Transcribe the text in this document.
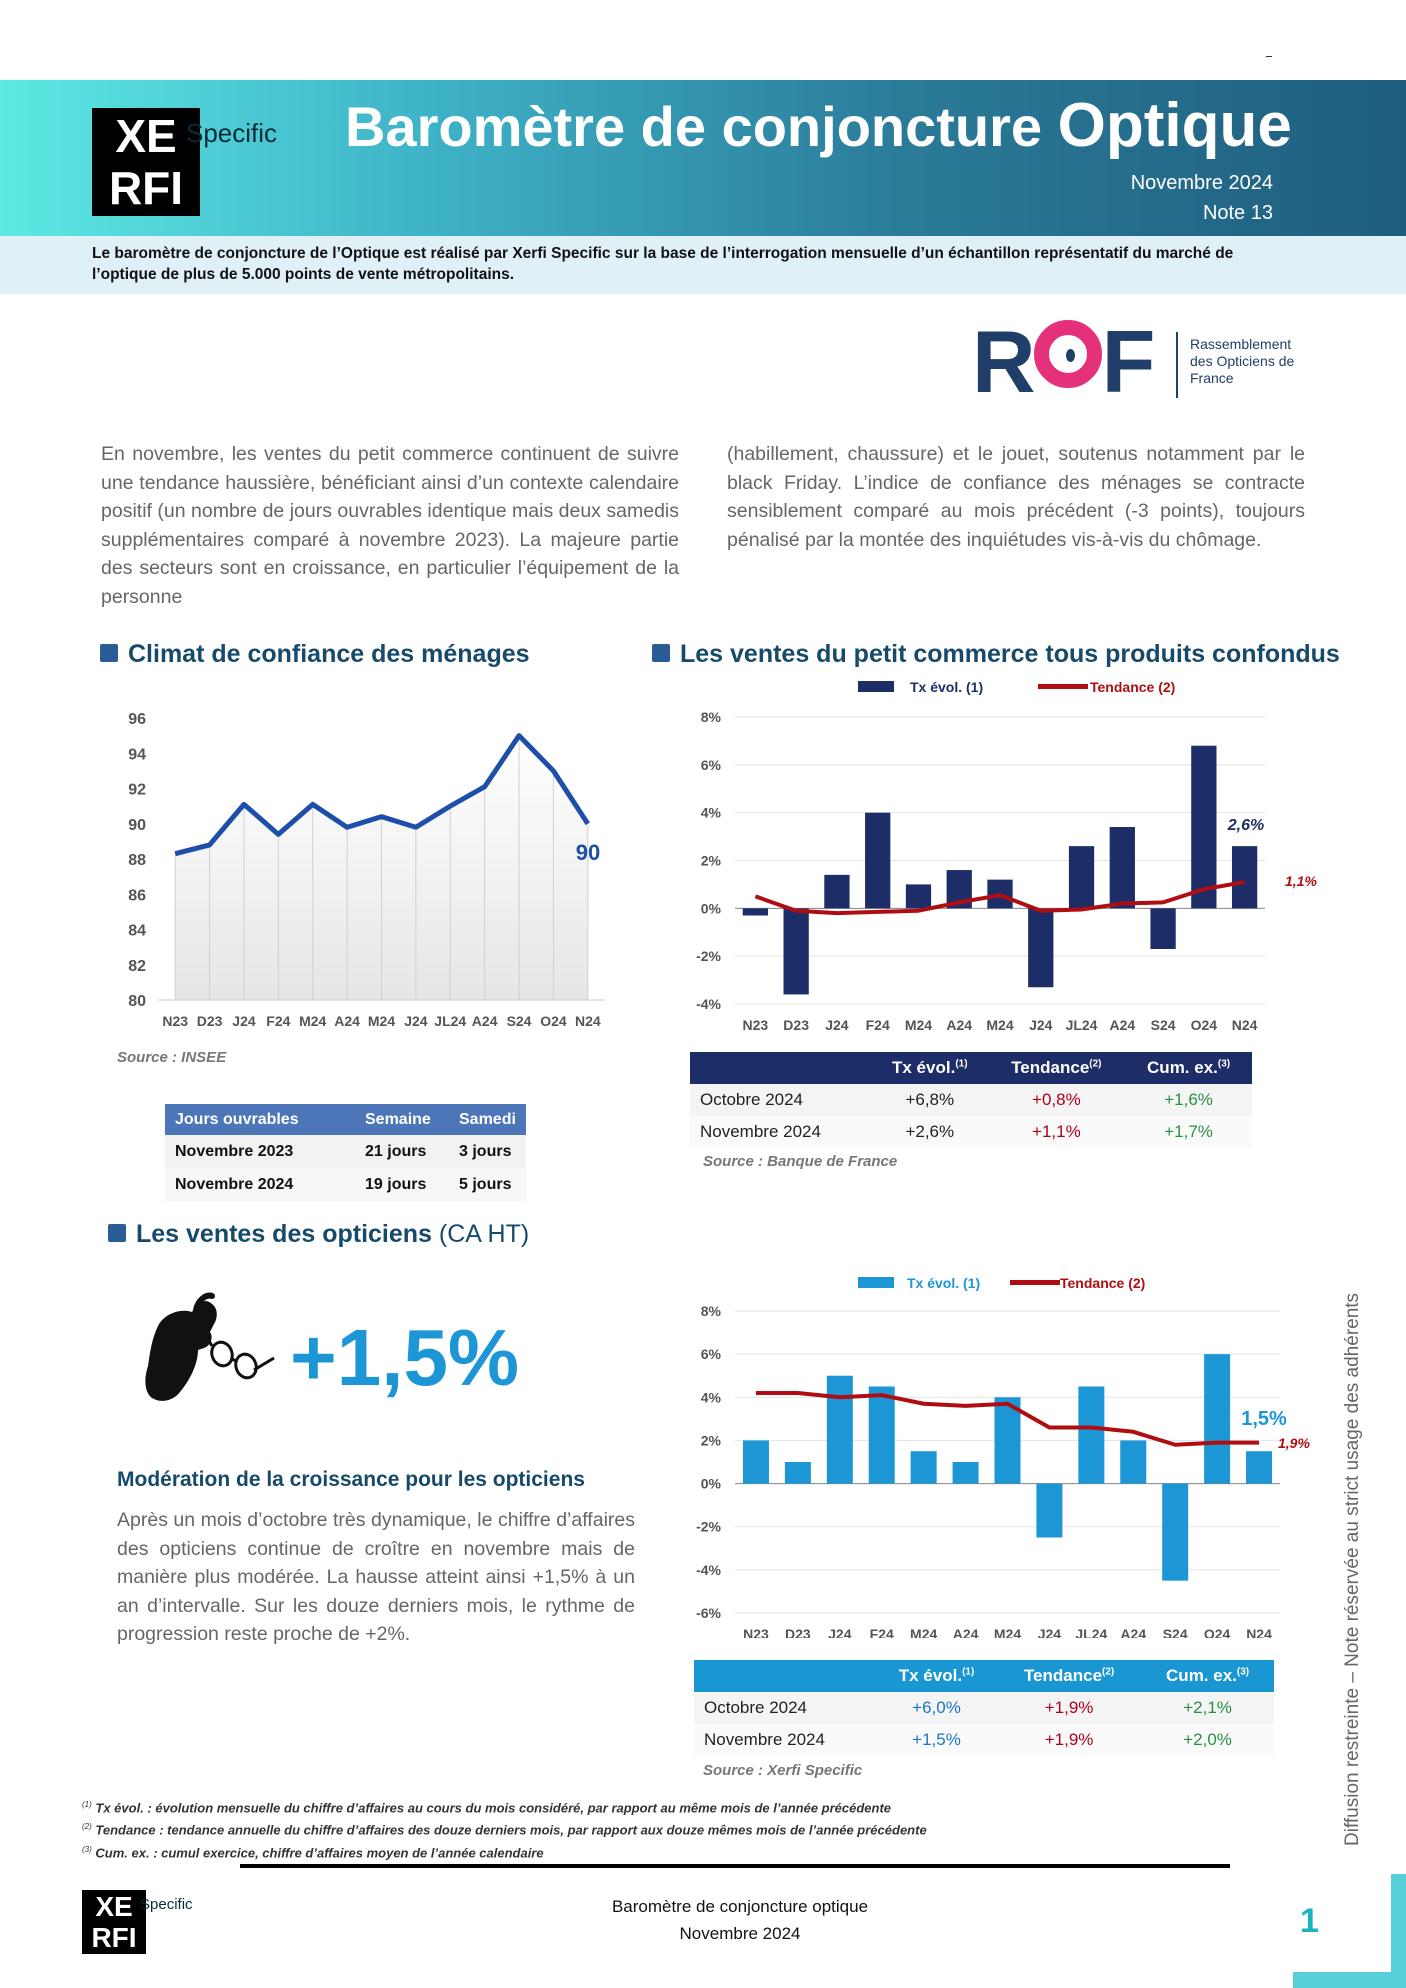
XE
RFI
Specific Baromètre de conjoncture Optique
Novembre 2024
Note 13
Le baromètre de conjoncture de l’Optique est réalisé par Xerfi Specific sur la base de l’interrogation mensuelle d’un échantillon représentatif du marché de l’optique de plus de 5.000 points de vente métropolitains.
R F	Rassemblement des Opticiens de France
En novembre, les ventes du petit commerce continuent de suivre une tendance haussière, bénéficiant ainsi d’un contexte calendaire positif (un nombre de jours ouvrables identique mais deux samedis supplémentaires comparé à novembre 2023). La majeure partie des secteurs sont en croissance, en particulier l’équipement de la personne
(habillement, chaussure) et le jouet, soutenus notamment par le black Friday. L’indice de confiance des ménages se contracte sensiblement comparé au mois précédent (-3 points), toujours pénalisé par la montée des inquiétudes vis-à-vis du chômage.
Climat de confiance des ménages	Les ventes du petit commerce tous produits confondus
Les ventes des opticiens (CA HT)
80
82
84
86
88
90
92
94
96
N23 D23 J24 F24 M24 A24 M24 J24 JL24 A24 S24 O24 N24
90
Source : INSEE
Jours ouvrables	Semaine	Samedi
Novembre 2023	21 jours	3 jours
Novembre 2024	19 jours	5 jours
Tx évol. (1)	Tendance (2)
-4%
-2%
0%
2%
4%
6%
8%
N23 D23 J24 F24 M24 A24 M24 J24 JL24 A24 S24 O24 N24
2,6%
1,1%
	Tx évol.$^{(1)}$	Tendance$^{(2)}$	Cum. ex.$^{(3)}$
Octobre 2024	+6,8%	+0,8%	+1,6%
Novembre 2024	+2,6%	+1,1%	+1,7%
Source : Banque de France
+1,5%
Modération de la croissance pour les opticiens
Après un mois d’octobre très dynamique, le chiffre d’affaires des opticiens continue de croître en novembre mais de manière plus modérée. La hausse atteint ainsi +1,5% à un an d’intervalle. Sur les douze derniers mois, le rythme de progression reste proche de +2%.
Tx évol. (1)	Tendance (2)
-6%
-4%
-2%
0%
2%
4%
6%
8%
N23 D23 J24 F24 M24 A24 M24 J24 JL24 A24 S24 O24 N24
1,5%
1,9%
	Tx évol.$^{(1)}$	Tendance$^{(2)}$	Cum. ex.$^{(3)}$
Octobre 2024	+6,0%	+1,9%	+2,1%
Novembre 2024	+1,5%	+1,9%	+2,0%
Source : Xerfi Specific
$^{(1)}$ Tx évol. : évolution mensuelle du chiffre d’affaires au cours du mois considéré, par rapport au même mois de l’année précédente
$^{(2)}$ Tendance : tendance annuelle du chiffre d’affaires des douze derniers mois, par rapport aux douze mêmes mois de l’année précédente
$^{(3)}$ Cum. ex. : cumul exercice, chiffre d’affaires moyen de l’année calendaire
XE
RFI
Specific	Baromètre de conjoncture optique
Novembre 2024	1
Diffusion restreinte – Note réservée au strict usage des adhérents
